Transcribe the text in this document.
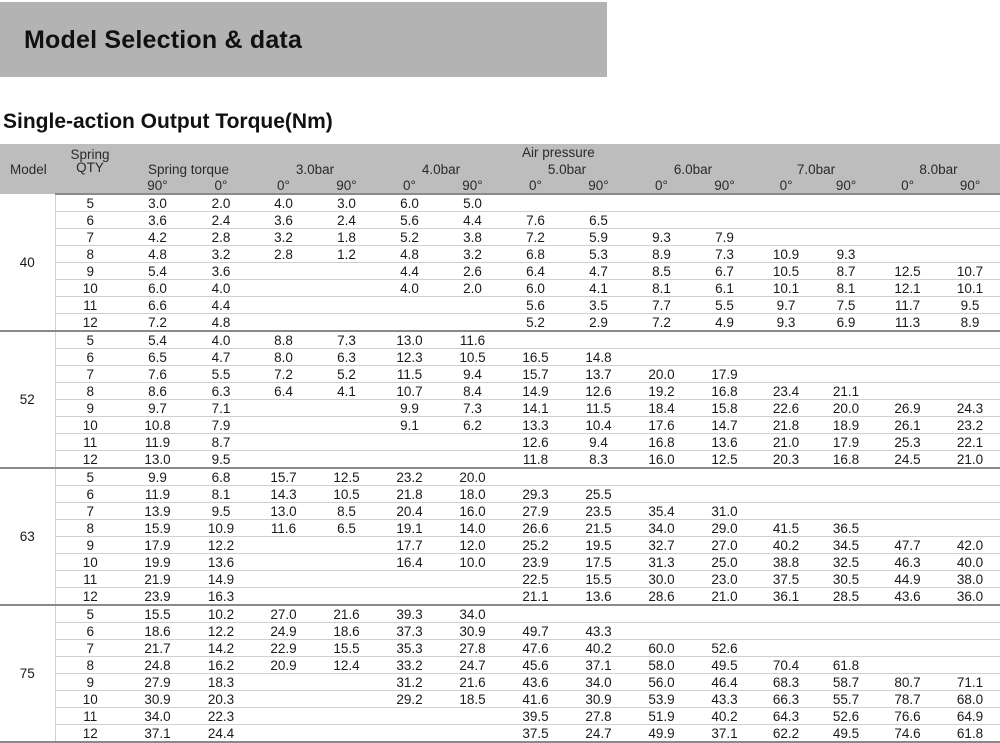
Model Selection & data
Single-action Output Torque(Nm)
Model	Spring
QTY							Air pressure							
		Spring torque		3.0bar		4.0bar		5.0bar		6.0bar		7.0bar		8.0bar	
		90°	0°	0°	90°	0°	90°	0°	90°	0°	90°	0°	90°	0°	90°
40	5	3.0	2.0	4.0	3.0	6.0	5.0								
	6	3.6	2.4	3.6	2.4	5.6	4.4	7.6	6.5						
	7	4.2	2.8	3.2	1.8	5.2	3.8	7.2	5.9	9.3	7.9				
	8	4.8	3.2	2.8	1.2	4.8	3.2	6.8	5.3	8.9	7.3	10.9	9.3		
	9	5.4	3.6			4.4	2.6	6.4	4.7	8.5	6.7	10.5	8.7	12.5	10.7
	10	6.0	4.0			4.0	2.0	6.0	4.1	8.1	6.1	10.1	8.1	12.1	10.1
	11	6.6	4.4					5.6	3.5	7.7	5.5	9.7	7.5	11.7	9.5
	12	7.2	4.8					5.2	2.9	7.2	4.9	9.3	6.9	11.3	8.9
52	5	5.4	4.0	8.8	7.3	13.0	11.6								
	6	6.5	4.7	8.0	6.3	12.3	10.5	16.5	14.8						
	7	7.6	5.5	7.2	5.2	11.5	9.4	15.7	13.7	20.0	17.9				
	8	8.6	6.3	6.4	4.1	10.7	8.4	14.9	12.6	19.2	16.8	23.4	21.1		
	9	9.7	7.1			9.9	7.3	14.1	11.5	18.4	15.8	22.6	20.0	26.9	24.3
	10	10.8	7.9			9.1	6.2	13.3	10.4	17.6	14.7	21.8	18.9	26.1	23.2
	11	11.9	8.7					12.6	9.4	16.8	13.6	21.0	17.9	25.3	22.1
	12	13.0	9.5					11.8	8.3	16.0	12.5	20.3	16.8	24.5	21.0
63	5	9.9	6.8	15.7	12.5	23.2	20.0								
	6	11.9	8.1	14.3	10.5	21.8	18.0	29.3	25.5						
	7	13.9	9.5	13.0	8.5	20.4	16.0	27.9	23.5	35.4	31.0				
	8	15.9	10.9	11.6	6.5	19.1	14.0	26.6	21.5	34.0	29.0	41.5	36.5		
	9	17.9	12.2			17.7	12.0	25.2	19.5	32.7	27.0	40.2	34.5	47.7	42.0
	10	19.9	13.6			16.4	10.0	23.9	17.5	31.3	25.0	38.8	32.5	46.3	40.0
	11	21.9	14.9					22.5	15.5	30.0	23.0	37.5	30.5	44.9	38.0
	12	23.9	16.3					21.1	13.6	28.6	21.0	36.1	28.5	43.6	36.0
75	5	15.5	10.2	27.0	21.6	39.3	34.0								
	6	18.6	12.2	24.9	18.6	37.3	30.9	49.7	43.3						
	7	21.7	14.2	22.9	15.5	35.3	27.8	47.6	40.2	60.0	52.6				
	8	24.8	16.2	20.9	12.4	33.2	24.7	45.6	37.1	58.0	49.5	70.4	61.8		
	9	27.9	18.3			31.2	21.6	43.6	34.0	56.0	46.4	68.3	58.7	80.7	71.1
	10	30.9	20.3			29.2	18.5	41.6	30.9	53.9	43.3	66.3	55.7	78.7	68.0
	11	34.0	22.3					39.5	27.8	51.9	40.2	64.3	52.6	76.6	64.9
	12	37.1	24.4					37.5	24.7	49.9	37.1	62.2	49.5	74.6	61.8
